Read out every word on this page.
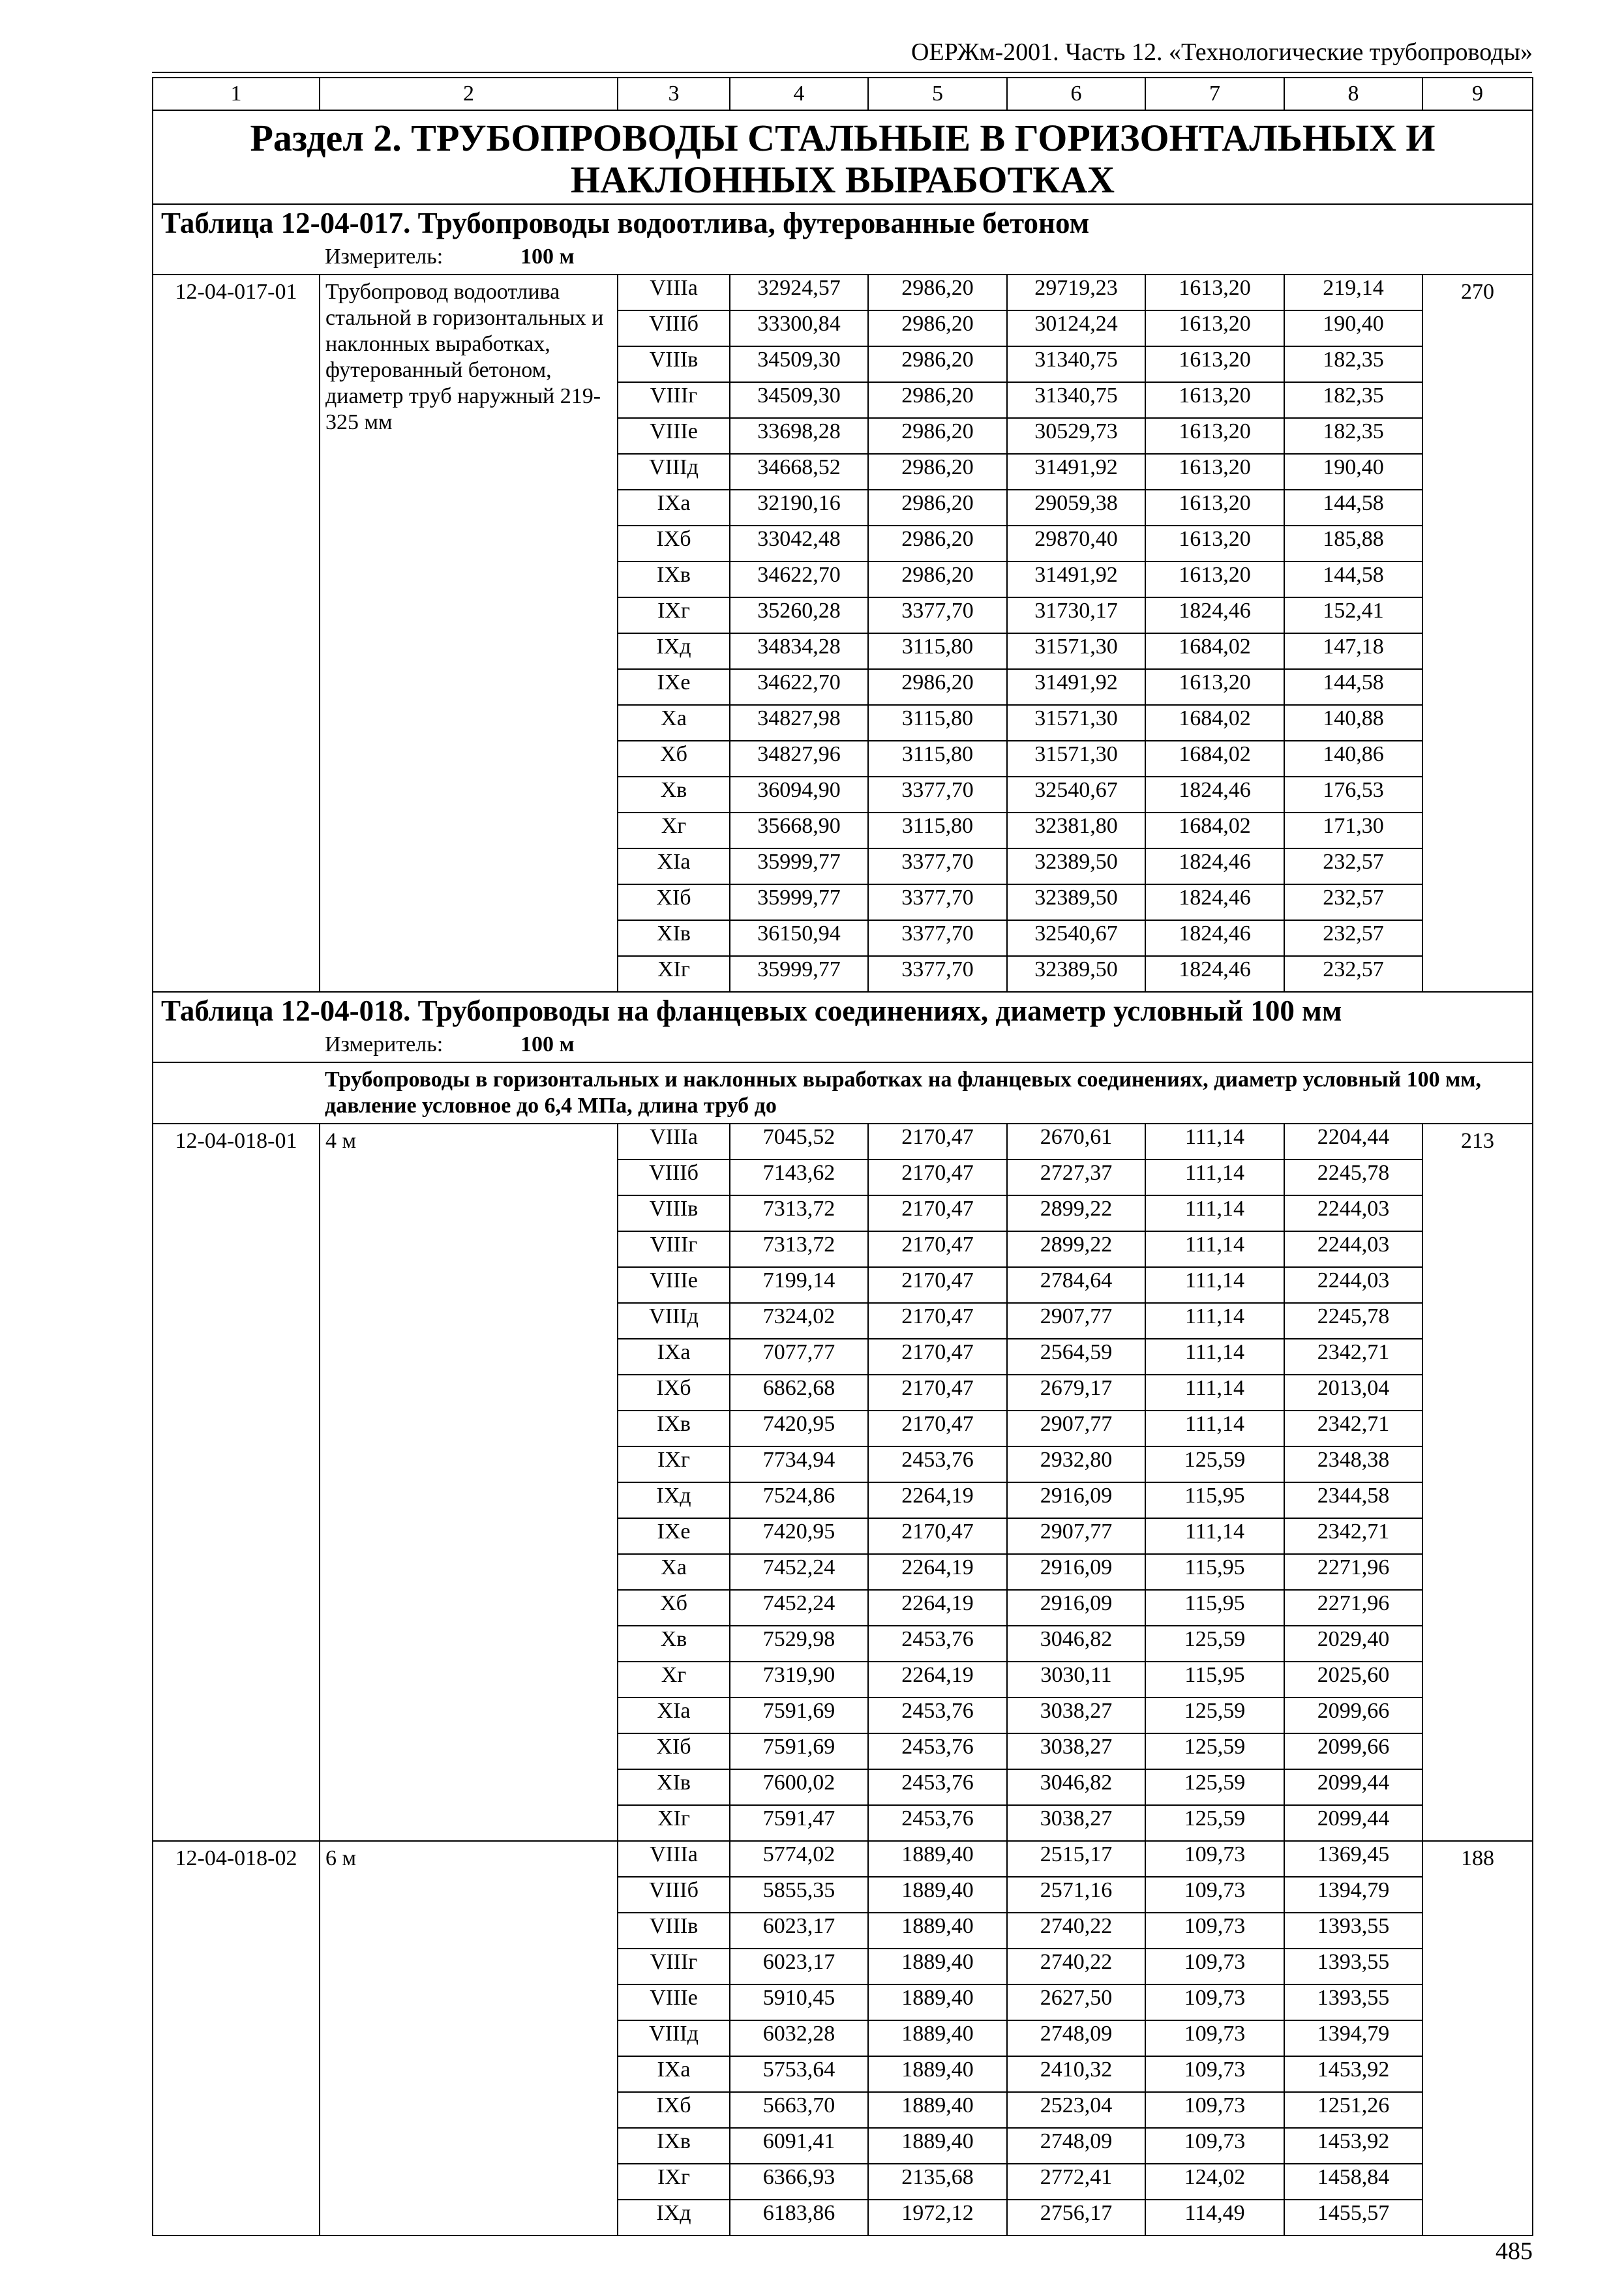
ОЕРЖм-2001. Часть 12. «Технологические трубопроводы»
1	2	3	4	5	6	7	8	9
Раздел 2. ТРУБОПРОВОДЫ СТАЛЬНЫЕ В ГОРИЗОНТАЛЬНЫХ И НАКЛОННЫХ ВЫРАБОТКАХ								

Таблица 12-04-017. Трубопроводы водоотлива, футерованные бетоном
Измеритель: 100 м								

12-04-017-01	Трубопровод водоотлива стальной в горизонтальных и наклонных выработках, футерованный бетоном, диаметр труб наружный 219-325 мм	VIIIа	32924,57	2986,20	29719,23	1613,20	219,14	270
		VIIIб	33300,84	2986,20	30124,24	1613,20	190,40	
		VIIIв	34509,30	2986,20	31340,75	1613,20	182,35	
		VIIIг	34509,30	2986,20	31340,75	1613,20	182,35	
		VIIIе	33698,28	2986,20	30529,73	1613,20	182,35	
		VIIIд	34668,52	2986,20	31491,92	1613,20	190,40	
		IXа	32190,16	2986,20	29059,38	1613,20	144,58	
		IXб	33042,48	2986,20	29870,40	1613,20	185,88	
		IXв	34622,70	2986,20	31491,92	1613,20	144,58	
		IXг	35260,28	3377,70	31730,17	1824,46	152,41	
		IXд	34834,28	3115,80	31571,30	1684,02	147,18	
		IXе	34622,70	2986,20	31491,92	1613,20	144,58	
		Xа	34827,98	3115,80	31571,30	1684,02	140,88	
		Xб	34827,96	3115,80	31571,30	1684,02	140,86	
		Xв	36094,90	3377,70	32540,67	1824,46	176,53	
		Xг	35668,90	3115,80	32381,80	1684,02	171,30	
		XIа	35999,77	3377,70	32389,50	1824,46	232,57	
		XIб	35999,77	3377,70	32389,50	1824,46	232,57	
		XIв	36150,94	3377,70	32540,67	1824,46	232,57	
		XIг	35999,77	3377,70	32389,50	1824,46	232,57	

Таблица 12-04-018. Трубопроводы на фланцевых соединениях, диаметр условный 100 мм
Измеритель: 100 м								

Трубопроводы в горизонтальных и наклонных выработках на фланцевых соединениях, диаметр условный 100 мм, давление условное до 6,4 МПа, длина труб до								
12-04-018-01	4 м	VIIIа	7045,52	2170,47	2670,61	111,14	2204,44	213
		VIIIб	7143,62	2170,47	2727,37	111,14	2245,78	
		VIIIв	7313,72	2170,47	2899,22	111,14	2244,03	
		VIIIг	7313,72	2170,47	2899,22	111,14	2244,03	
		VIIIе	7199,14	2170,47	2784,64	111,14	2244,03	
		VIIIд	7324,02	2170,47	2907,77	111,14	2245,78	
		IXа	7077,77	2170,47	2564,59	111,14	2342,71	
		IXб	6862,68	2170,47	2679,17	111,14	2013,04	
		IXв	7420,95	2170,47	2907,77	111,14	2342,71	
		IXг	7734,94	2453,76	2932,80	125,59	2348,38	
		IXд	7524,86	2264,19	2916,09	115,95	2344,58	
		IXе	7420,95	2170,47	2907,77	111,14	2342,71	
		Xа	7452,24	2264,19	2916,09	115,95	2271,96	
		Xб	7452,24	2264,19	2916,09	115,95	2271,96	
		Xв	7529,98	2453,76	3046,82	125,59	2029,40	
		Xг	7319,90	2264,19	3030,11	115,95	2025,60	
		XIа	7591,69	2453,76	3038,27	125,59	2099,66	
		XIб	7591,69	2453,76	3038,27	125,59	2099,66	
		XIв	7600,02	2453,76	3046,82	125,59	2099,44	
		XIг	7591,47	2453,76	3038,27	125,59	2099,44	
12-04-018-02	6 м	VIIIа	5774,02	1889,40	2515,17	109,73	1369,45	188
		VIIIб	5855,35	1889,40	2571,16	109,73	1394,79	
		VIIIв	6023,17	1889,40	2740,22	109,73	1393,55	
		VIIIг	6023,17	1889,40	2740,22	109,73	1393,55	
		VIIIе	5910,45	1889,40	2627,50	109,73	1393,55	
		VIIIд	6032,28	1889,40	2748,09	109,73	1394,79	
		IXа	5753,64	1889,40	2410,32	109,73	1453,92	
		IXб	5663,70	1889,40	2523,04	109,73	1251,26	
		IXв	6091,41	1889,40	2748,09	109,73	1453,92	
		IXг	6366,93	2135,68	2772,41	124,02	1458,84	
		IXд	6183,86	1972,12	2756,17	114,49	1455,57	
485
